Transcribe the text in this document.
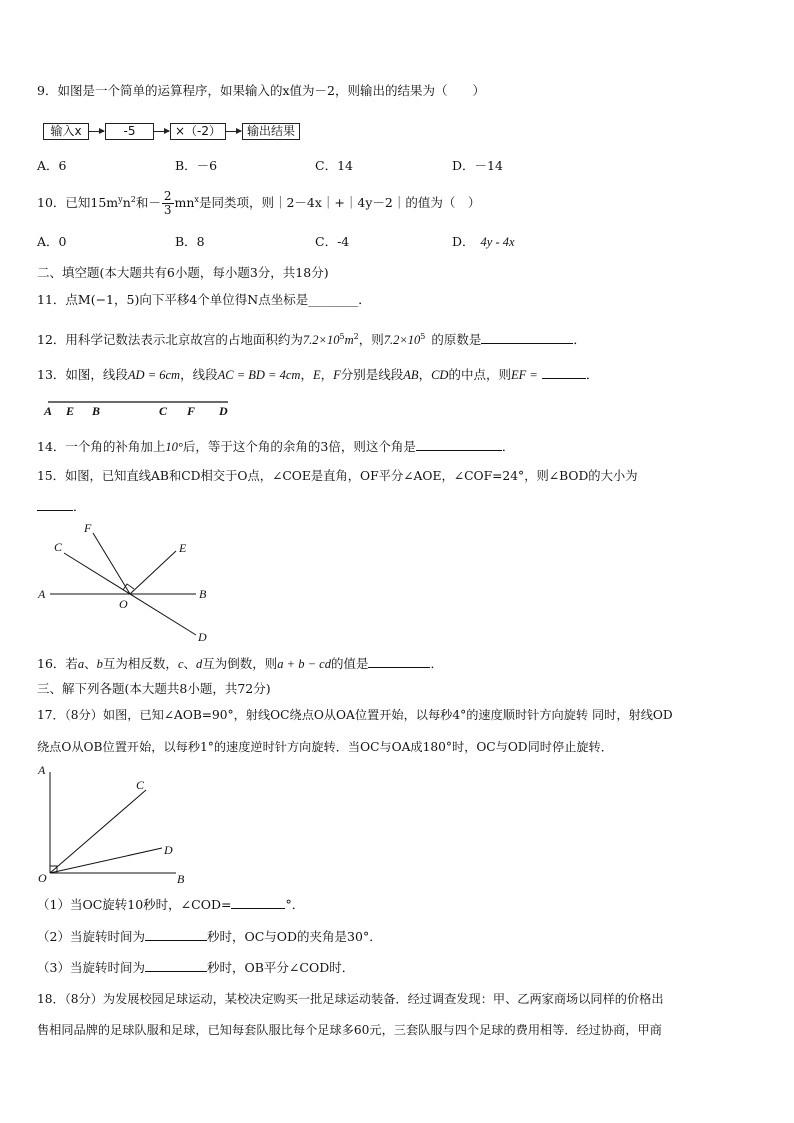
9．如图是一个简单的运算程序，如果输入的x值为－2，则输出的结果为（　　）
输入x	-5	×（-2）	输出结果
A．6	B．－6	C．14	D．－14
10．已知$15m^yn^2$和－ $\frac{2}{3} mn^x$是同类项，则｜2－4x｜+｜4y－2｜的值为（　）
A．0	B．8	C．-4	D． 4y - 4x
二、填空题(本大题共有6小题，每小题3分，共18分)
11．点M(−1，5)向下平移4个单位得N点坐标是________．
12．用科学记数法表示北京故宫的占地面积约为$7.2\times 10^5m^2$，则$7.2\times 10^5$ 的原数是	．
13．如图，线段AD = 6cm，线段AC = BD = 4cm，E，F分别是线段AB，CD的中点，则EF =	．
A E B	C F D
14．一个角的补角加上10°后，等于这个角的余角的3倍，则这个角是	．
15．如图，已知直线AB和CD相交于O点，∠COE是直角，OF平分∠AOE，∠COF=24°，则∠BOD的大小为
．
F
C	E
A
O
B
D
16．若a、b互为相反数，c、d互为倒数，则a + b − cd的值是	．
三、解下列各题(本大题共8小题，共72分)
17．（8分）如图，已知∠AOB=90°，射线OC绕点O从OA位置开始，以每秒4°的速度顺时针方向旋转 同时，射线OD
绕点O从OB位置开始，以每秒1°的速度逆时针方向旋转．当OC与OA成180°时，OC与OD同时停止旋转．
A
C
D
O	B
（1）当OC旋转10秒时，∠COD=	°．
（2）当旋转时间为	秒时，OC与OD的夹角是30°．
（3）当旋转时间为	秒时，OB平分∠COD时．
18．（8分）为发展校园足球运动，某校决定购买一批足球运动装备．经过调查发现：甲、乙两家商场以同样的价格出
售相同品牌的足球队服和足球，已知每套队服比每个足球多60元，三套队服与四个足球的费用相等．经过协商，甲商
